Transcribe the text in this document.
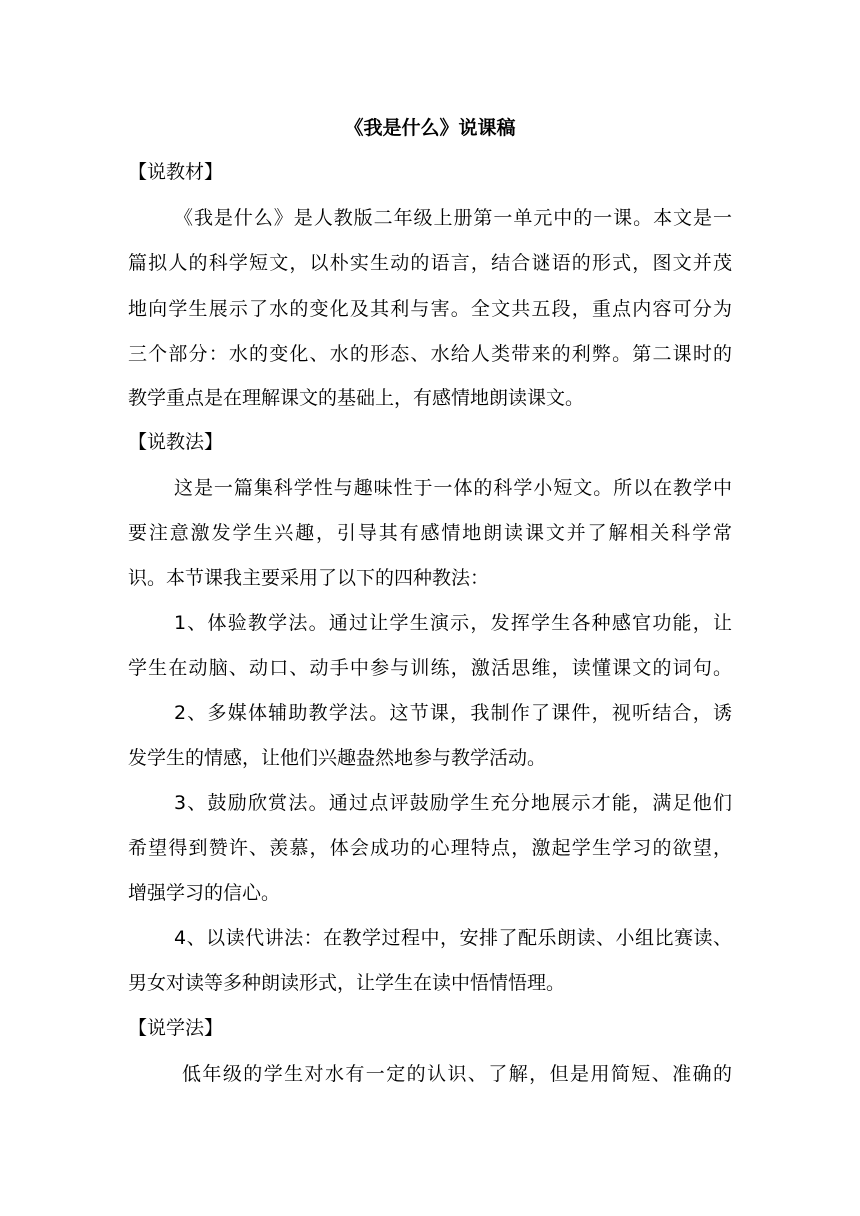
《我是什么》说课稿
【说教材】
《我是什么》是人教版二年级上册第一单元中的一课。本文是一
篇拟人的科学短文，以朴实生动的语言，结合谜语的形式，图文并茂
地向学生展示了水的变化及其利与害。全文共五段，重点内容可分为
三个部分：水的变化、水的形态、水给人类带来的利弊。第二课时的
教学重点是在理解课文的基础上，有感情地朗读课文。
【说教法】
这是一篇集科学性与趣味性于一体的科学小短文。所以在教学中
要注意激发学生兴趣，引导其有感情地朗读课文并了解相关科学常
识。本节课我主要采用了以下的四种教法：
1、体验教学法。通过让学生演示，发挥学生各种感官功能，让
学生在动脑、动口、动手中参与训练，激活思维，读懂课文的词句。
2、多媒体辅助教学法。这节课，我制作了课件，视听结合，诱
发学生的情感，让他们兴趣盎然地参与教学活动。
3、鼓励欣赏法。通过点评鼓励学生充分地展示才能，满足他们
希望得到赞许、羡慕，体会成功的心理特点，激起学生学习的欲望，
增强学习的信心。
4、以读代讲法：在教学过程中，安排了配乐朗读、小组比赛读、
男女对读等多种朗读形式，让学生在读中悟情悟理。
【说学法】
低年级的学生对水有一定的认识、了解，但是用简短、准确的
